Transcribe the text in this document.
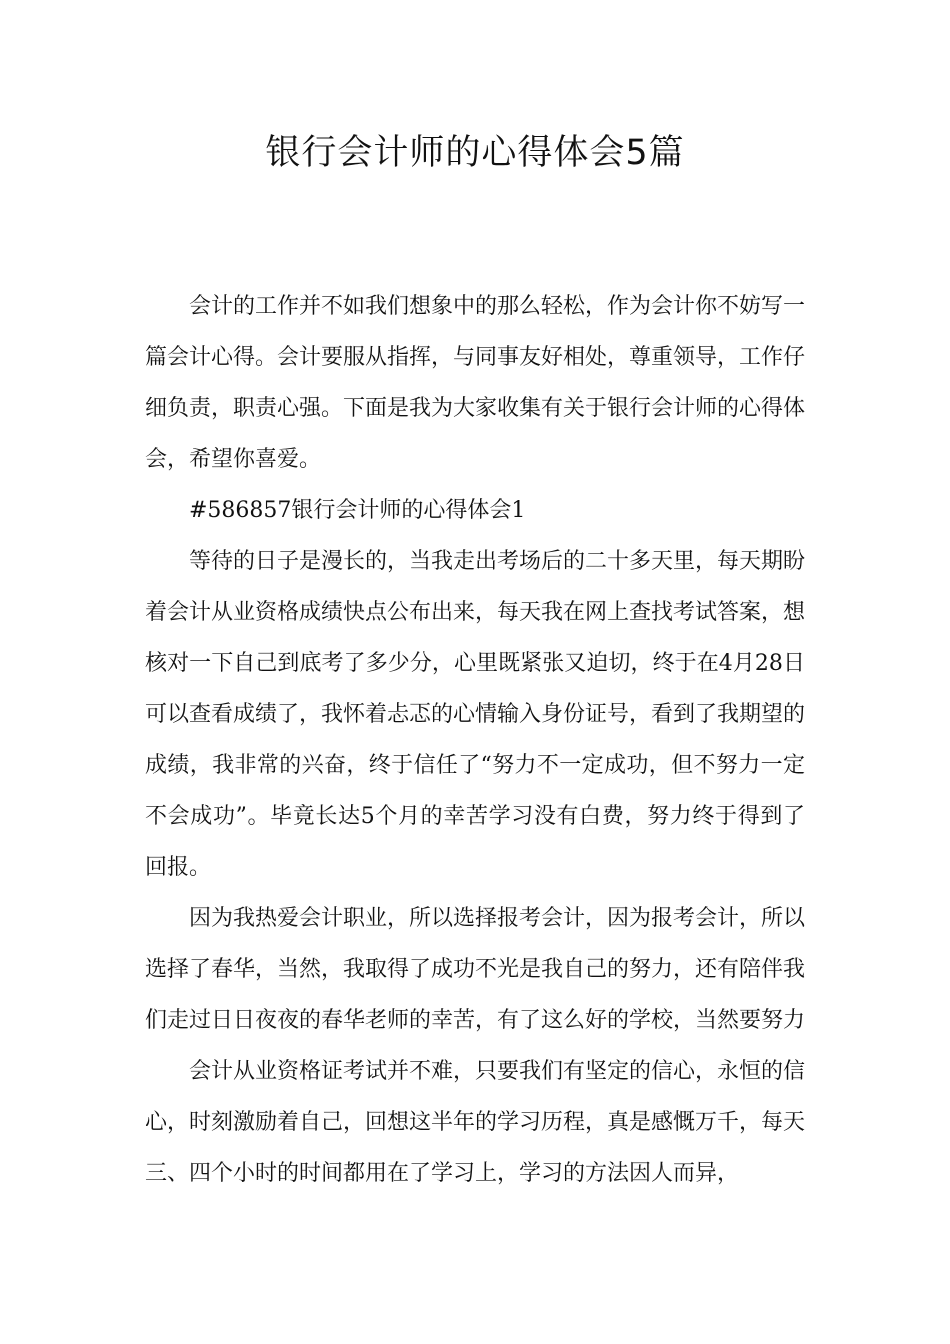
银行会计师的心得体会5篇

会计的工作并不如我们想象中的那么轻松，作为会计你不妨写一篇会计心得。会计要服从指挥，与同事友好相处，尊重领导，工作仔细负责，职责心强。下面是我为大家收集有关于银行会计师的心得体会，希望你喜爱。

#586857银行会计师的心得体会1

等待的日子是漫长的，当我走出考场后的二十多天里，每天期盼着会计从业资格成绩快点公布出来，每天我在网上查找考试答案，想核对一下自己到底考了多少分，心里既紧张又迫切，终于在4月28日可以查看成绩了，我怀着忐忑的心情输入身份证号，看到了我期望的成绩，我非常的兴奋，终于信任了“努力不一定成功，但不努力一定不会成功”。毕竟长达5个月的幸苦学习没有白费，努力终于得到了回报。

因为我热爱会计职业，所以选择报考会计，因为报考会计，所以选择了春华，当然，我取得了成功不光是我自己的努力，还有陪伴我们走过日日夜夜的春华老师的幸苦，有了这么好的学校，当然要努力

会计从业资格证考试并不难，只要我们有坚定的信心，永恒的信心，时刻激励着自己，回想这半年的学习历程，真是感慨万千，每天三、四个小时的时间都用在了学习上，学习的方法因人而异，
